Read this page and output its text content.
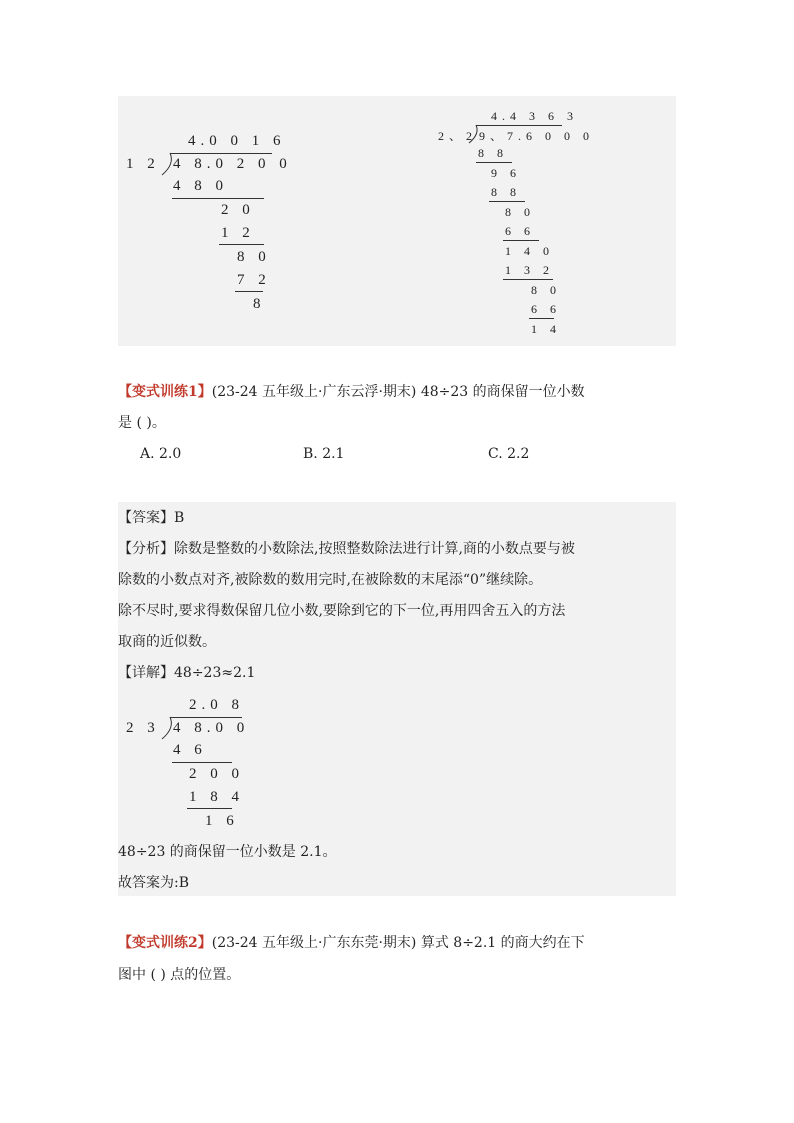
4.0 0 1 6
1 2 4 8.0 2 0 0
4 8 0
2 0
1 2
8 0
7 2
8
4.4 3 6 3
2、2 9、7.6 0 0 0
8 8
9 6
8 8
8 0
6 6
1 4 0
1 3 2
8 0
6 6
1 4
【变式训练1】(23-24 五年级上·广东云浮·期末) 48÷23 的商保留一位小数
是 ( )。
A. 2.0	B. 2.1	C. 2.2
【答案】B
【分析】除数是整数的小数除法,按照整数除法进行计算,商的小数点要与被
除数的小数点对齐,被除数的数用完时,在被除数的末尾添“0”继续除。
除不尽时,要求得数保留几位小数,要除到它的下一位,再用四舍五入的方法
取商的近似数。
【详解】48÷23≈2.1
2.0 8
2 3 4 8.0 0
4 6
2 0 0
1 8 4
1 6
48÷23 的商保留一位小数是 2.1。
故答案为:B
【变式训练2】(23-24 五年级上·广东东莞·期末) 算式 8÷2.1 的商大约在下
图中 ( ) 点的位置。
